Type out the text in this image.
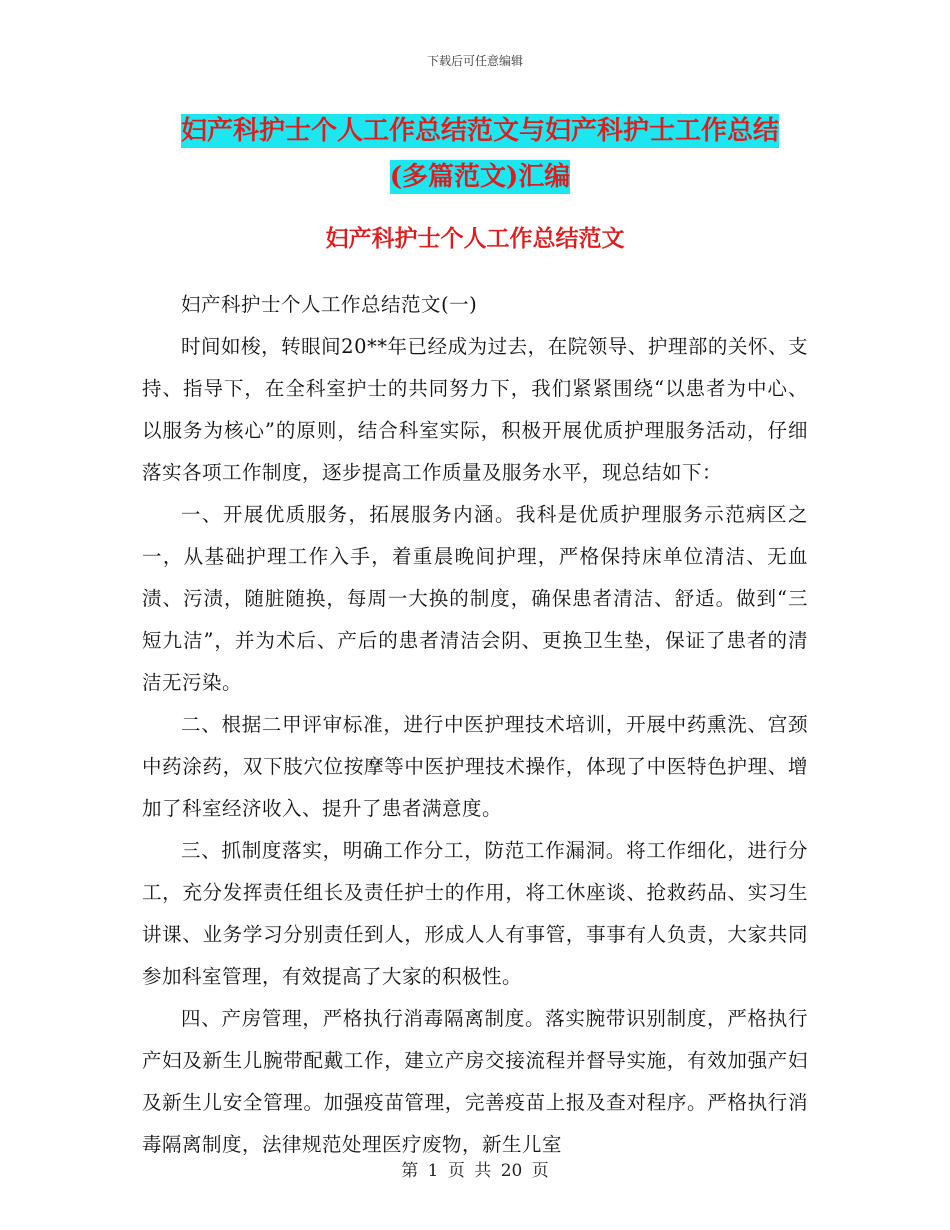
下载后可任意编辑
妇产科护士个人工作总结范文与妇产科护士工作总结
(多篇范文)汇编
妇产科护士个人工作总结范文

妇产科护士个人工作总结范文(一)

时间如梭，转眼间20**年已经成为过去，在院领导、护理部的关怀、支持、指导下，在全科室护士的共同努力下，我们紧紧围绕“以患者为中心、以服务为核心”的原则，结合科室实际，积极开展优质护理服务活动，仔细落实各项工作制度，逐步提高工作质量及服务水平，现总结如下：

一、开展优质服务，拓展服务内涵。我科是优质护理服务示范病区之一，从基础护理工作入手，着重晨晚间护理，严格保持床单位清洁、无血渍、污渍，随脏随换，每周一大换的制度，确保患者清洁、舒适。做到“三短九洁”，并为术后、产后的患者清洁会阴、更换卫生垫，保证了患者的清洁无污染。

二、根据二甲评审标准，进行中医护理技术培训，开展中药熏洗、宫颈中药涂药，双下肢穴位按摩等中医护理技术操作，体现了中医特色护理、增加了科室经济收入、提升了患者满意度。

三、抓制度落实，明确工作分工，防范工作漏洞。将工作细化，进行分工，充分发挥责任组长及责任护士的作用，将工休座谈、抢救药品、实习生讲课、业务学习分别责任到人，形成人人有事管，事事有人负责，大家共同参加科室管理，有效提高了大家的积极性。

四、产房管理，严格执行消毒隔离制度。落实腕带识别制度，严格执行产妇及新生儿腕带配戴工作，建立产房交接流程并督导实施，有效加强产妇及新生儿安全管理。加强疫苗管理，完善疫苗上报及查对程序。严格执行消毒隔离制度，法律规范处理医疗废物，新生儿室

第 1 页 共 20 页
